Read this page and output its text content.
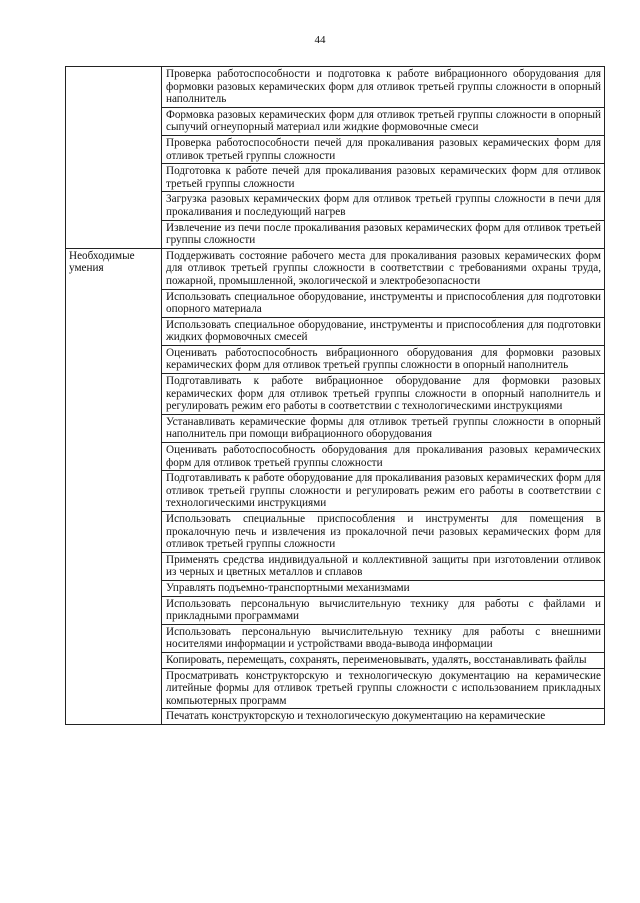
44
	Проверка работоспособности и подготовка к работе вибрационного оборудования для формовки разовых керамических форм для отливок третьей группы сложности в опорный наполнитель
	Формовка разовых керамических форм для отливок третьей группы сложности в опорный сыпучий огнеупорный материал или жидкие формовочные смеси
	Проверка работоспособности печей для прокаливания разовых керамических форм для отливок третьей группы сложности
	Подготовка к работе печей для прокаливания разовых керамических форм для отливок третьей группы сложности
	Загрузка разовых керамических форм для отливок третьей группы сложности в печи для прокаливания и последующий нагрев
	Извлечение из печи после прокаливания разовых керамических форм для отливок третьей группы сложности
Необходимые умения	Поддерживать состояние рабочего места для прокаливания разовых керамических форм для отливок третьей группы сложности в соответствии с требованиями охраны труда, пожарной, промышленной, экологической и электробезопасности
	Использовать специальное оборудование, инструменты и приспособления для подготовки опорного материала
	Использовать специальное оборудование, инструменты и приспособления для подготовки жидких формовочных смесей
	Оценивать работоспособность вибрационного оборудования для формовки разовых керамических форм для отливок третьей группы сложности в опорный наполнитель
	Подготавливать к работе вибрационное оборудование для формовки разовых керамических форм для отливок третьей группы сложности в опорный наполнитель и регулировать режим его работы в соответствии с технологическими инструкциями
	Устанавливать керамические формы для отливок третьей группы сложности в опорный наполнитель при помощи вибрационного оборудования
	Оценивать работоспособность оборудования для прокаливания разовых керамических форм для отливок третьей группы сложности
	Подготавливать к работе оборудование для прокаливания разовых керамических форм для отливок третьей группы сложности и регулировать режим его работы в соответствии с технологическими инструкциями
	Использовать специальные приспособления и инструменты для помещения в прокалочную печь и извлечения из прокалочной печи разовых керамических форм для отливок третьей группы сложности
	Применять средства индивидуальной и коллективной защиты при изготовлении отливок из черных и цветных металлов и сплавов
	Управлять подъемно-транспортными механизмами
	Использовать персональную вычислительную технику для работы с файлами и прикладными программами
	Использовать персональную вычислительную технику для работы с внешними носителями информации и устройствами ввода-вывода информации
	Копировать, перемещать, сохранять, переименовывать, удалять, восстанавливать файлы
	Просматривать конструкторскую и технологическую документацию на керамические литейные формы для отливок третьей группы сложности с использованием прикладных компьютерных программ
	Печатать конструкторскую и технологическую документацию на керамические
